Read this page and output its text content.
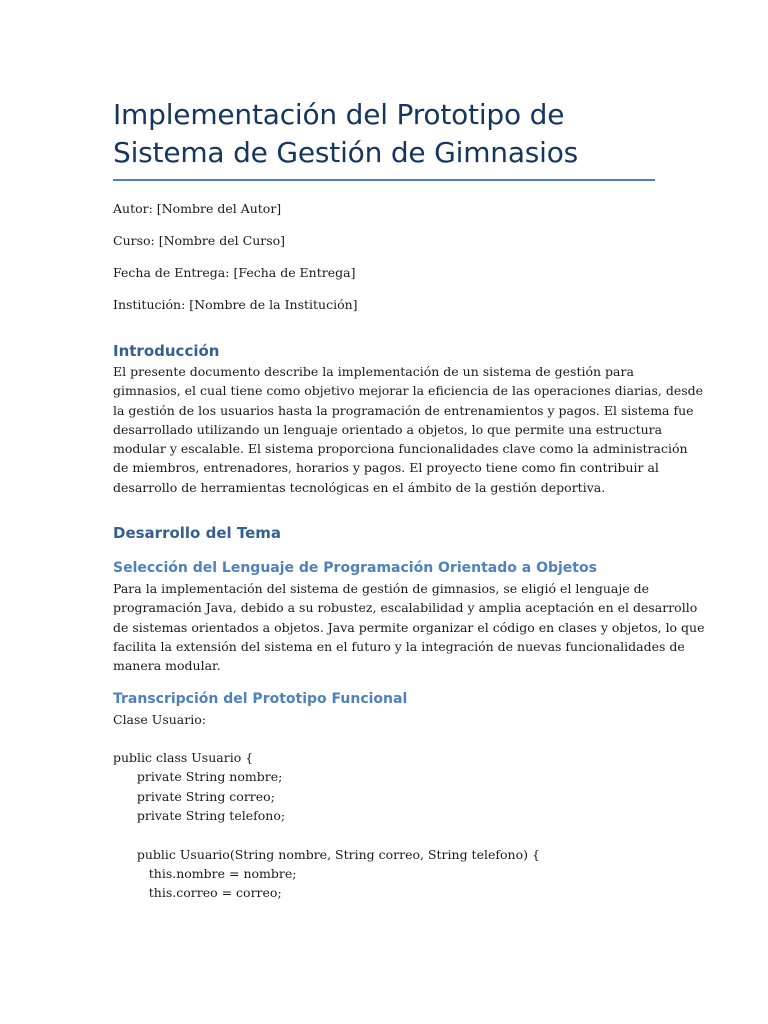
Implementación del Prototipo de
Sistema de Gestión de Gimnasios

Autor: [Nombre del Autor]

Curso: [Nombre del Curso]

Fecha de Entrega: [Fecha de Entrega]

Institución: [Nombre de la Institución]

Introducción

El presente documento describe la implementación de un sistema de gestión para
gimnasios, el cual tiene como objetivo mejorar la eficiencia de las operaciones diarias, desde
la gestión de los usuarios hasta la programación de entrenamientos y pagos. El sistema fue
desarrollado utilizando un lenguaje orientado a objetos, lo que permite una estructura
modular y escalable. El sistema proporciona funcionalidades clave como la administración
de miembros, entrenadores, horarios y pagos. El proyecto tiene como fin contribuir al
desarrollo de herramientas tecnológicas en el ámbito de la gestión deportiva.

Desarrollo del Tema
Selección del Lenguaje de Programación Orientado a Objetos

Para la implementación del sistema de gestión de gimnasios, se eligió el lenguaje de
programación Java, debido a su robustez, escalabilidad y amplia aceptación en el desarrollo
de sistemas orientados a objetos. Java permite organizar el código en clases y objetos, lo que
facilita la extensión del sistema en el futuro y la integración de nuevas funcionalidades de
manera modular.

Transcripción del Prototipo Funcional

Clase Usuario:

public class Usuario {
private String nombre;
private String correo;
private String telefono;
public Usuario(String nombre, String correo, String telefono) {
this.nombre = nombre;
this.correo = correo;
